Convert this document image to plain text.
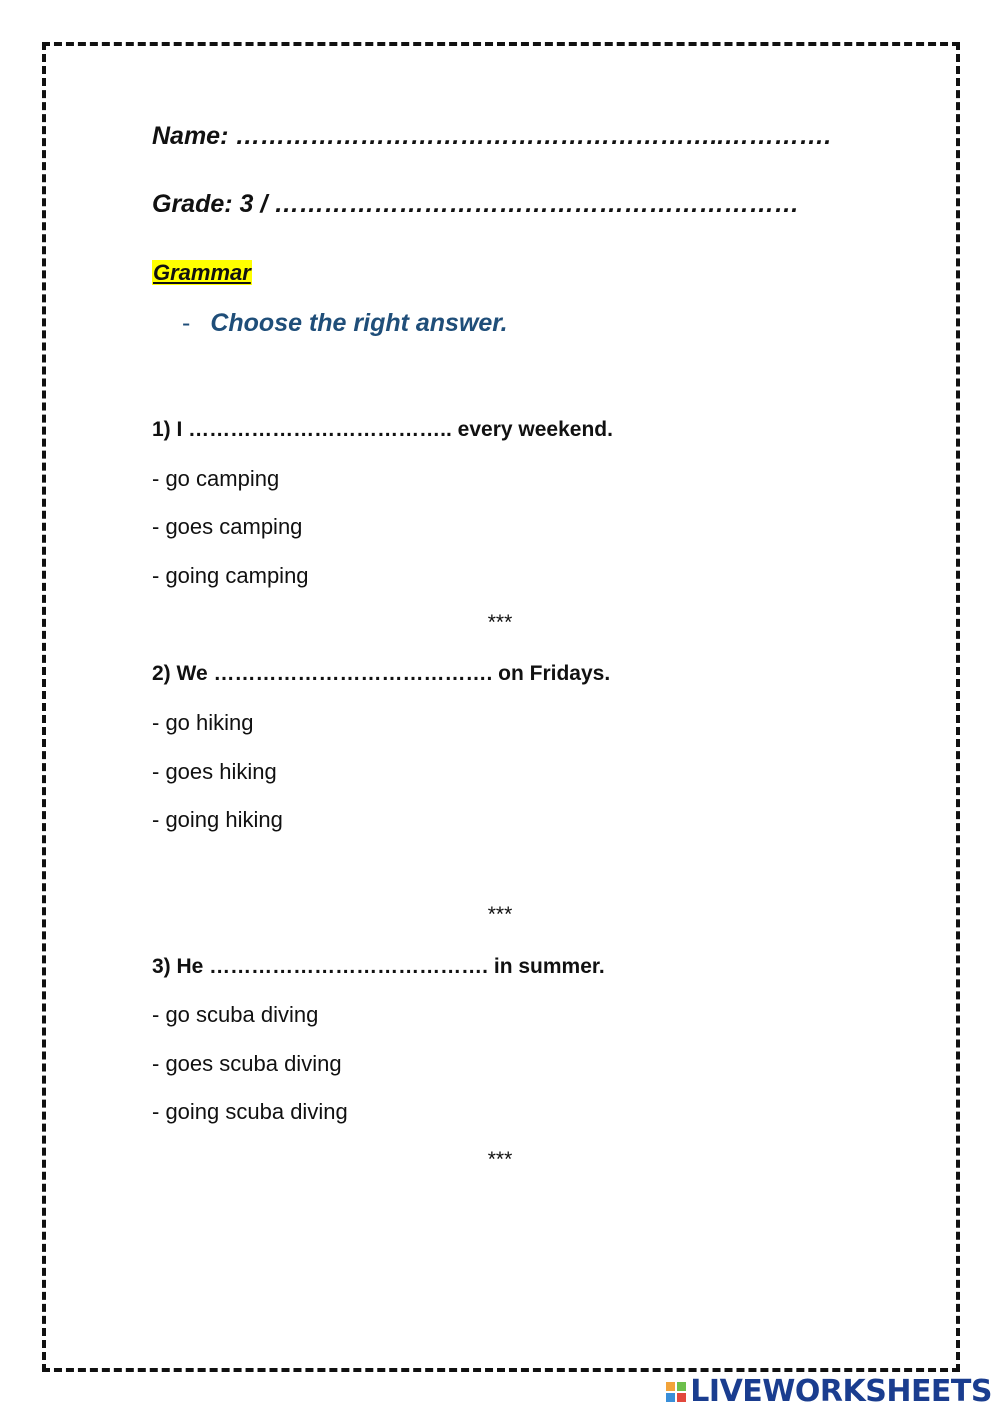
Name: …………………………………………………..………….
Grade: 3 / ………………………………………………………
Grammar
- Choose the right answer.
1) I ……………………………….. every weekend.
- go camping
- goes camping
- going camping
***
2) We …………………………………. on Fridays.
- go hiking
- goes hiking
- going hiking
***
3) He …………………………………. in summer.
- go scuba diving
- goes scuba diving
- going scuba diving
***
LIVEWORKSHEETS
